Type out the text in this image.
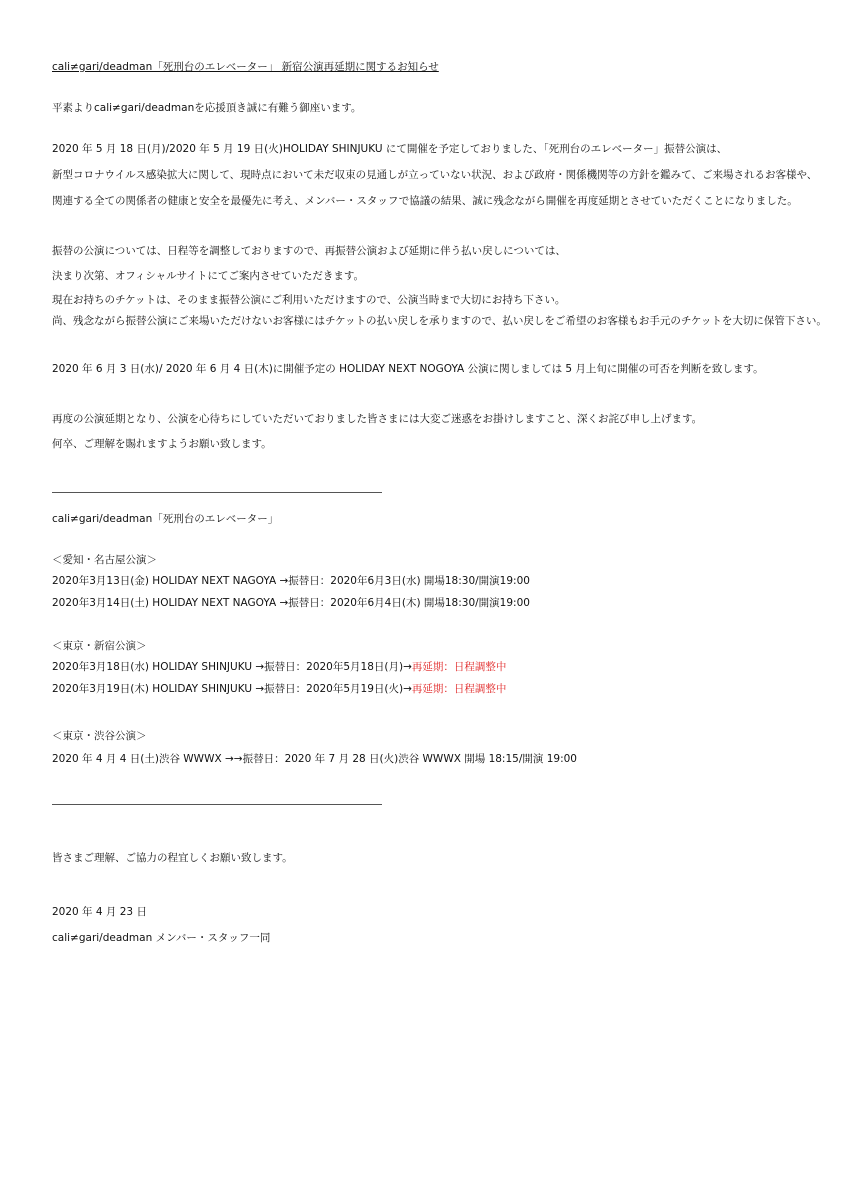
cali≠gari/deadman「死刑台のエレベーター」 新宿公演再延期に関するお知らせ

平素よりcali≠gari/deadmanを応援頂き誠に有難う御座います。

2020 年 5 月 18 日(月)/2020 年 5 月 19 日(火)HOLIDAY SHINJUKU にて開催を予定しておりました、「死刑台のエレベーター」振替公演は、

新型コロナウイルス感染拡大に関して、現時点において未だ収束の見通しが立っていない状況、および政府・関係機関等の方針を鑑みて、ご来場されるお客様や、

関連する全ての関係者の健康と安全を最優先に考え、メンバー・スタッフで協議の結果、誠に残念ながら開催を再度延期とさせていただくことになりました。

振替の公演については、日程等を調整しておりますので、再振替公演および延期に伴う払い戻しについては、

決まり次第、オフィシャルサイトにてご案内させていただきます。

現在お持ちのチケットは、そのまま振替公演にご利用いただけますので、公演当時まで大切にお持ち下さい。

尚、残念ながら振替公演にご来場いただけないお客様にはチケットの払い戻しを承りますので、払い戻しをご希望のお客様もお手元のチケットを大切に保管下さい。

2020 年 6 月 3 日(水)/ 2020 年 6 月 4 日(木)に開催予定の HOLIDAY NEXT NOGOYA 公演に関しましては 5 月上旬に開催の可否を判断を致します。

再度の公演延期となり、公演を心待ちにしていただいておりました皆さまには大変ご迷惑をお掛けしますこと、深くお詫び申し上げます。

何卒、ご理解を賜れますようお願い致します。

cali≠gari/deadman「死刑台のエレベーター」

＜愛知・名古屋公演＞

2020年3月13日(金) HOLIDAY NEXT NAGOYA →振替日：2020年6月3日(水) 開場18:30/開演19:00

2020年3月14日(土) HOLIDAY NEXT NAGOYA →振替日：2020年6月4日(木) 開場18:30/開演19:00

＜東京・新宿公演＞

2020年3月18日(水) HOLIDAY SHINJUKU →振替日：2020年5月18日(月)→再延期：日程調整中

2020年3月19日(木) HOLIDAY SHINJUKU →振替日：2020年5月19日(火)→再延期：日程調整中

＜東京・渋谷公演＞

2020 年 4 月 4 日(土)渋谷 WWWX →→振替日：2020 年 7 月 28 日(火)渋谷 WWWX 開場 18:15/開演 19:00

皆さまご理解、ご協力の程宜しくお願い致します。

2020 年 4 月 23 日

cali≠gari/deadman メンバー・スタッフ一同
